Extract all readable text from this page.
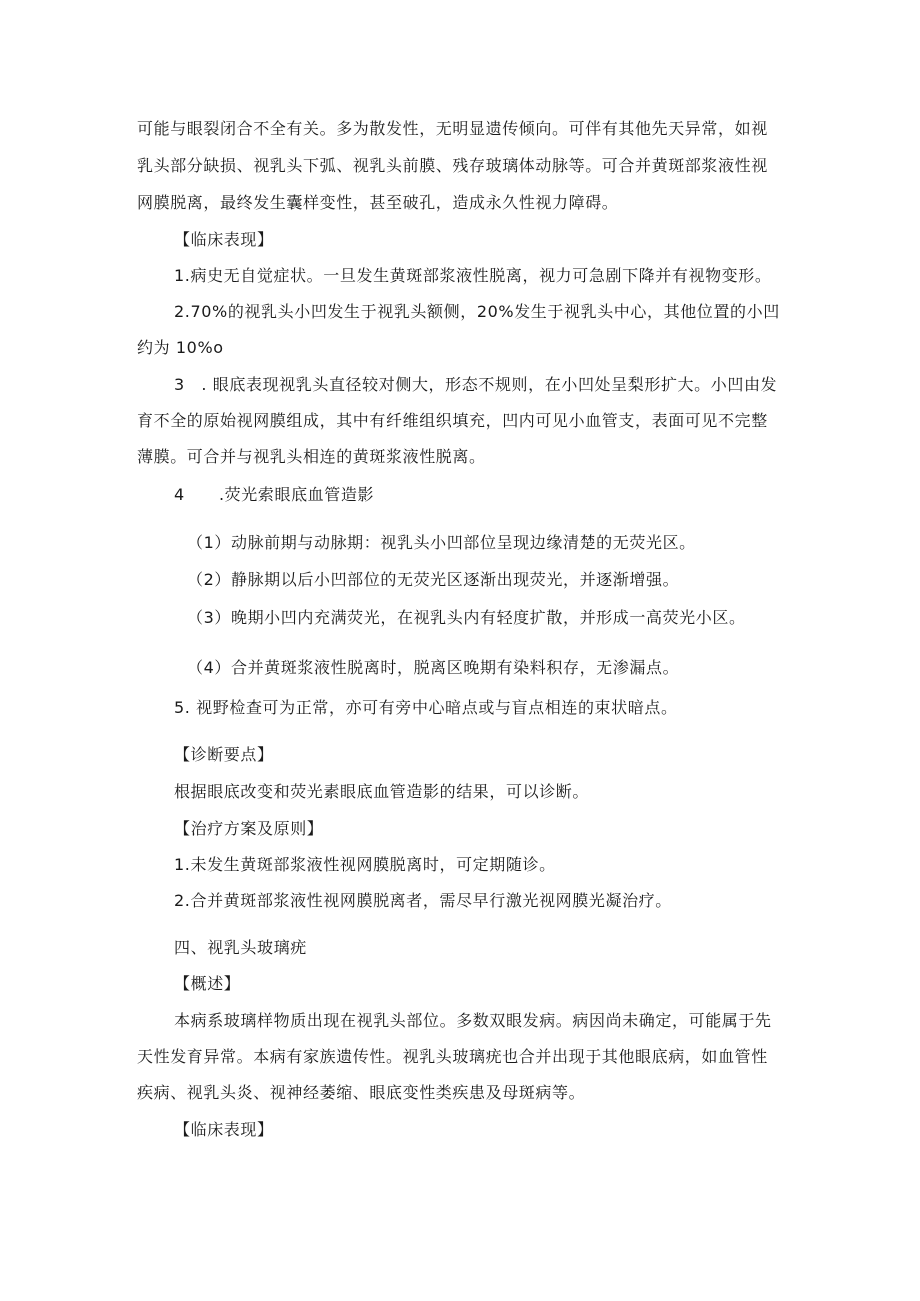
可能与眼裂闭合不全有关。多为散发性，无明显遗传倾向。可伴有其他先天异常，如视
乳头部分缺损、视乳头下弧、视乳头前膜、残存玻璃体动脉等。可合并黄斑部浆液性视
网膜脱离，最终发生囊样变性，甚至破孔，造成永久性视力障碍。
【临床表现】
1.病史无自觉症状。一旦发生黄斑部浆液性脱离，视力可急剧下降并有视物变形。
2.70%的视乳头小凹发生于视乳头额侧，20%发生于视乳头中心，其他位置的小凹
约为 10%o
3　. 眼底表现视乳头直径较对侧大，形态不规则，在小凹处呈梨形扩大。小凹由发
育不全的原始视网膜组成，其中有纤维组织填充，凹内可见小血管支，表面可见不完整
薄膜。可合并与视乳头相连的黄斑浆液性脱离。
4 .荧光索眼底血管造影
（1）动脉前期与动脉期：视乳头小凹部位呈现边缘清楚的无荧光区。
（2）静脉期以后小凹部位的无荧光区逐渐出现荧光，并逐渐增强。
（3）晚期小凹内充满荧光，在视乳头内有轻度扩散，并形成一高荧光小区。
（4）合并黄斑浆液性脱离时，脱离区晚期有染料积存，无渗漏点。
5. 视野检查可为正常，亦可有旁中心暗点或与盲点相连的束状暗点。
【诊断要点】
根据眼底改变和荧光素眼底血管造影的结果，可以诊断。
【治疗方案及原则】
1.未发生黄斑部浆液性视网膜脱离时，可定期随诊。
2.合并黄斑部浆液性视网膜脱离者，需尽早行激光视网膜光凝治疗。
四、视乳头玻璃疣
【概述】
本病系玻璃样物质出现在视乳头部位。多数双眼发病。病因尚未确定，可能属于先
天性发育异常。本病有家族遗传性。视乳头玻璃疣也合并出现于其他眼底病，如血管性
疾病、视乳头炎、视神经萎缩、眼底变性类疾患及母斑病等。
【临床表现】
